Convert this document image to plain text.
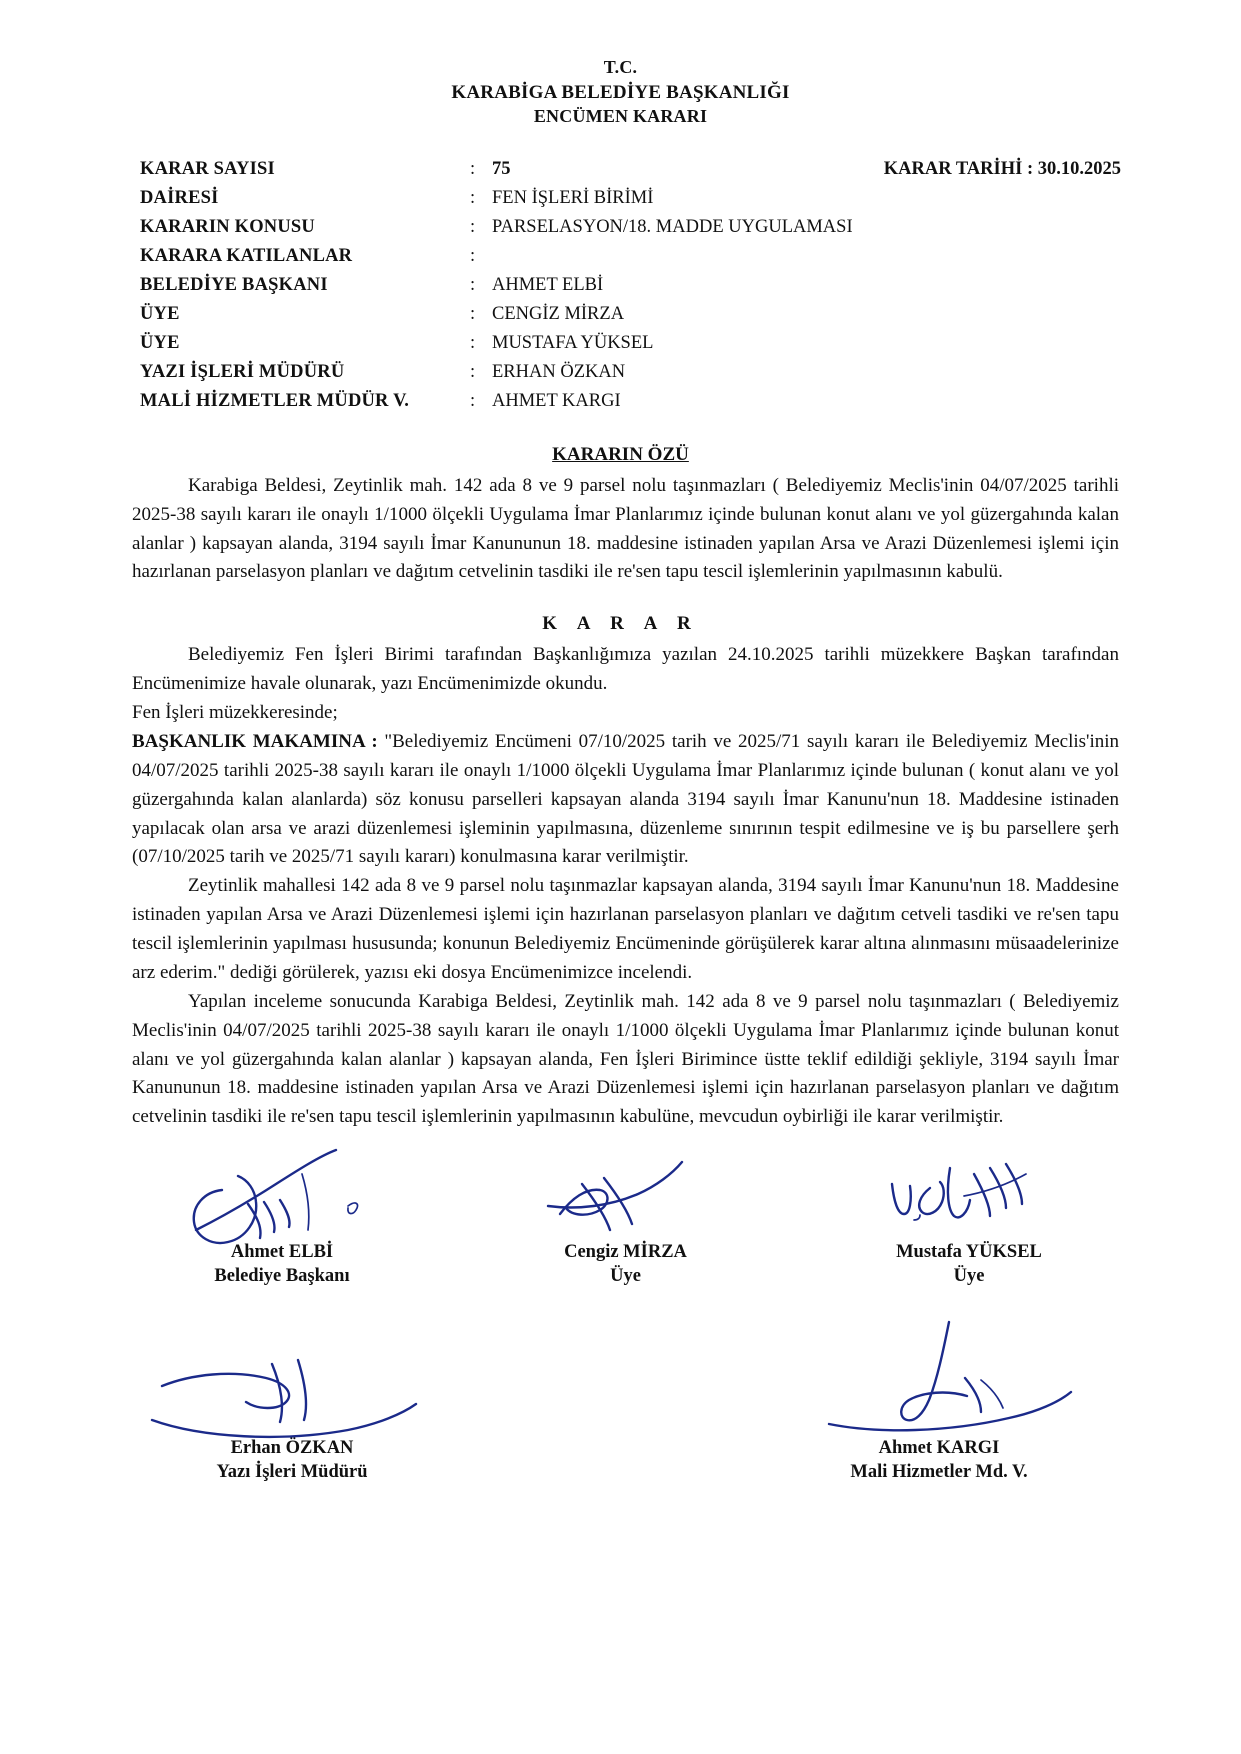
T.C.
KARABİGA BELEDİYE BAŞKANLIĞI
ENCÜMEN KARARI
KARAR SAYISI	: 75	KARAR TARİHİ : 30.10.2025
DAİRESİ	: FEN İŞLERİ BİRİMİ
KARARIN KONUSU	: PARSELASYON/18. MADDE UYGULAMASI
KARARA KATILANLAR	:
BELEDİYE BAŞKANI	: AHMET ELBİ
ÜYE	: CENGİZ MİRZA
ÜYE	: MUSTAFA YÜKSEL
YAZI İŞLERİ MÜDÜRÜ	: ERHAN ÖZKAN
MALİ HİZMETLER MÜDÜR V.	: AHMET KARGI
KARARIN ÖZÜ

Karabiga Beldesi, Zeytinlik mah. 142 ada 8 ve 9 parsel nolu taşınmazları ( Belediyemiz Meclis'inin 04/07/2025 tarihli 2025-38 sayılı kararı ile onaylı 1/1000 ölçekli Uygulama İmar Planlarımız içinde bulunan konut alanı ve yol güzergahında kalan alanlar ) kapsayan alanda, 3194 sayılı İmar Kanununun 18. maddesine istinaden yapılan Arsa ve Arazi Düzenlemesi işlemi için hazırlanan parselasyon planları ve dağıtım cetvelinin tasdiki ile re'sen tapu tescil işlemlerinin yapılmasının kabulü.

K A R A R

Belediyemiz Fen İşleri Birimi tarafından Başkanlığımıza yazılan 24.10.2025 tarihli müzekkere Başkan tarafından Encümenimize havale olunarak, yazı Encümenimizde okundu.

Fen İşleri müzekkeresinde;

BAŞKANLIK MAKAMINA : "Belediyemiz Encümeni 07/10/2025 tarih ve 2025/71 sayılı kararı ile Belediyemiz Meclis'inin 04/07/2025 tarihli 2025-38 sayılı kararı ile onaylı 1/1000 ölçekli Uygulama İmar Planlarımız içinde bulunan ( konut alanı ve yol güzergahında kalan alanlarda) söz konusu parselleri kapsayan alanda 3194 sayılı İmar Kanunu'nun 18. Maddesine istinaden yapılacak olan arsa ve arazi düzenlemesi işleminin yapılmasına, düzenleme sınırının tespit edilmesine ve iş bu parsellere şerh (07/10/2025 tarih ve 2025/71 sayılı kararı) konulmasına karar verilmiştir.

Zeytinlik mahallesi 142 ada 8 ve 9 parsel nolu taşınmazlar kapsayan alanda, 3194 sayılı İmar Kanunu'nun 18. Maddesine istinaden yapılan Arsa ve Arazi Düzenlemesi işlemi için hazırlanan parselasyon planları ve dağıtım cetveli tasdiki ve re'sen tapu tescil işlemlerinin yapılması hususunda; konunun Belediyemiz Encümeninde görüşülerek karar altına alınmasını müsaadelerinize arz ederim." dediği görülerek, yazısı eki dosya Encümenimizce incelendi.

Yapılan inceleme sonucunda Karabiga Beldesi, Zeytinlik mah. 142 ada 8 ve 9 parsel nolu taşınmazları ( Belediyemiz Meclis'inin 04/07/2025 tarihli 2025-38 sayılı kararı ile onaylı 1/1000 ölçekli Uygulama İmar Planlarımız içinde bulunan konut alanı ve yol güzergahında kalan alanlar ) kapsayan alanda, Fen İşleri Birimince üstte teklif edildiği şekliyle, 3194 sayılı İmar Kanununun 18. maddesine istinaden yapılan Arsa ve Arazi Düzenlemesi işlemi için hazırlanan parselasyon planları ve dağıtım cetvelinin tasdiki ile re'sen tapu tescil işlemlerinin yapılmasının kabulüne, mevcudun oybirliği ile karar verilmiştir.

Ahmet ELBİ
Belediye Başkanı
Cengiz MİRZA
Üye
Mustafa YÜKSEL
Üye
Erhan ÖZKAN
Yazı İşleri Müdürü
Ahmet KARGI
Mali Hizmetler Md. V.
